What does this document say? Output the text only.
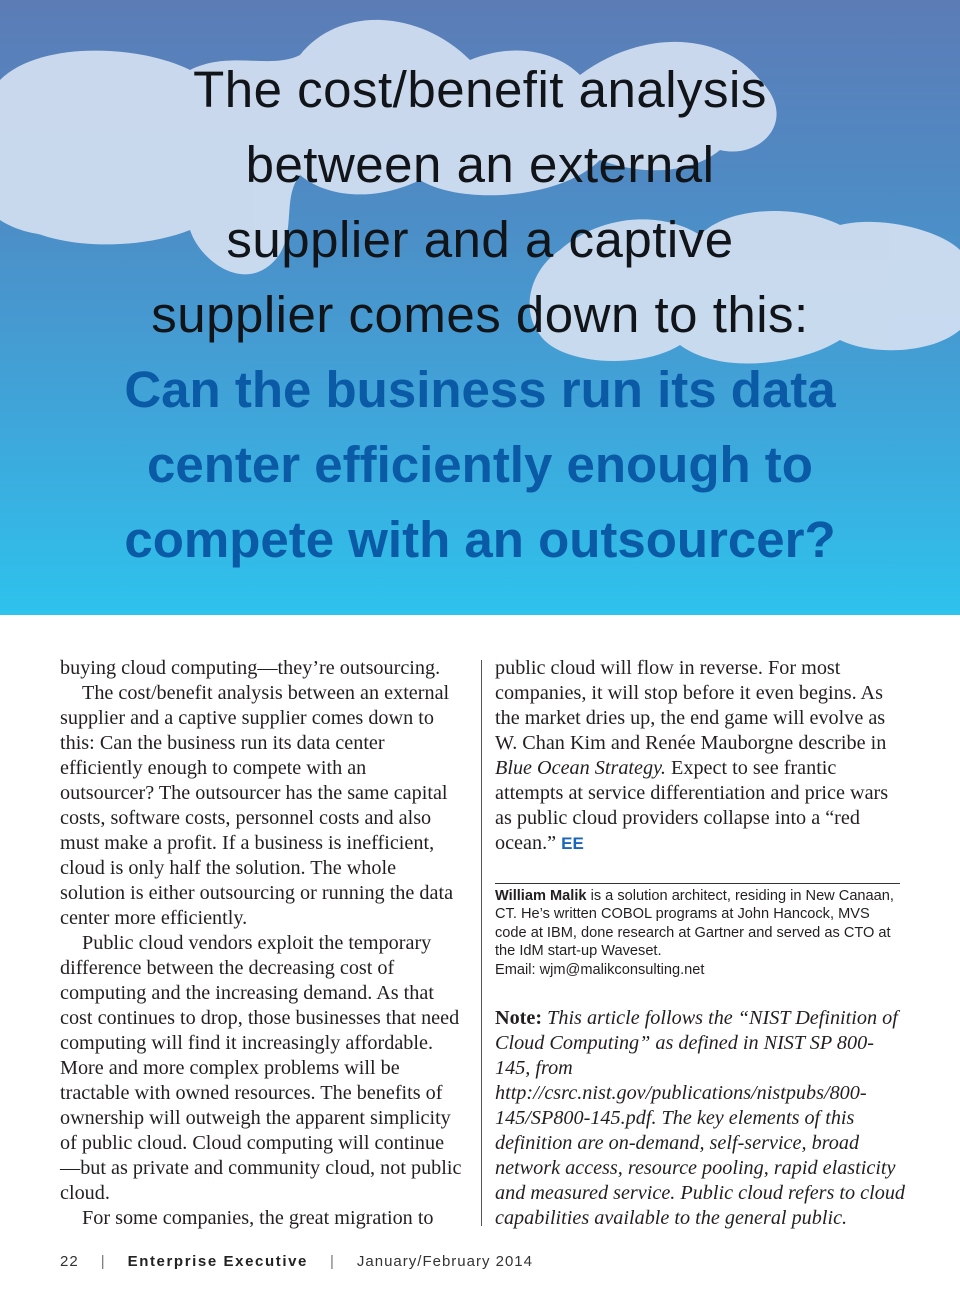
The cost/benefit analysis
between an external
supplier and a captive
supplier comes down to this:
Can the business run its data
center efficiently enough to
compete with an outsourcer?

buying cloud computing—they’re outsourcing.

The cost/benefit analysis between an external supplier and a captive supplier comes down to this: Can the business run its data center efficiently enough to compete with an outsourcer? The outsourcer has the same capital costs, software costs, personnel costs and also must make a profit. If a business is inefficient, cloud is only half the solution. The whole solution is either outsourcing or running the data center more efficiently.

Public cloud vendors exploit the temporary difference between the decreasing cost of computing and the increasing demand. As that cost continues to drop, those businesses that need computing will find it increasingly affordable. More and more complex problems will be tractable with owned resources. The benefits of ownership will outweigh the apparent simplicity of public cloud. Cloud computing will continue—but as private and community cloud, not public cloud.

For some companies, the great migration to

public cloud will flow in reverse. For most companies, it will stop before it even begins. As the market dries up, the end game will evolve as W. Chan Kim and Renée Mauborgne describe in Blue Ocean Strategy. Expect to see frantic attempts at service differentiation and price wars as public cloud providers collapse into a “red ocean.” EE

William Malik is a solution architect, residing in New Canaan, CT. He’s written COBOL programs at John Hancock, MVS code at IBM, done research at Gartner and served as CTO at the IdM start-up Waveset.
Email: wjm@malikconsulting.net
Note: This article follows the “NIST Definition of Cloud Computing” as defined in NIST SP 800-145, from http://csrc.nist.gov/publications/nistpubs/800-145/SP800-145.pdf. The key elements of this definition are on-demand, self-service, broad network access, resource pooling, rapid elasticity and measured service. Public cloud refers to cloud capabilities available to the general public.
22 | Enterprise Executive | January/February 2014
